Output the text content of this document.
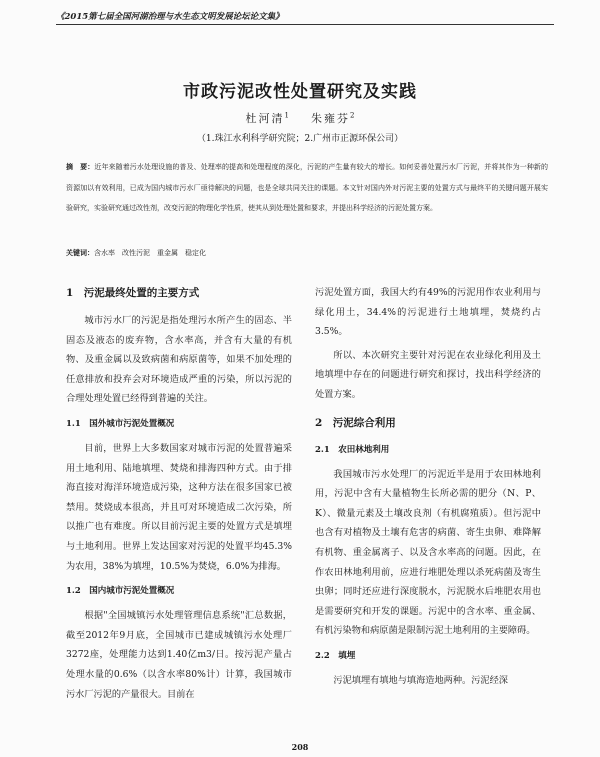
《2015第七届全国河湖治理与水生态文明发展论坛论文集》
市政污泥改性处置研究及实践
杜河清$^1$ 朱雍芬$^2$
（1.珠江水利科学研究院；2.广州市正源环保公司）
摘　要：近年来随着污水处理设施的普及、处理率的提高和处理程度的深化，污泥的产生量有较大的增长。如何妥善处置污水厂污泥，并将其作为一种新的资源加以有效利用，已成为国内城市污水厂亟待解决的问题，也是全球共同关注的课题。本文针对国内外对污泥主要的处置方式与最终平的关键问题开展实验研究，实验研究通过改性剂，改变污泥的物理化学性质，使其从到处理处置和要求，并提出科学经济的污泥处置方案。
关键词：含水率　改性污泥　重金属　稳定化
1　污泥最终处置的主要方式

城市污水厂的污泥是指处理污水所产生的固态、半固态及液态的废弃物，含水率高，并含有大量的有机物、及重金属以及致病菌和病原菌等，如果不加处理的任意排放和投弃会对环境造成严重的污染，所以污泥的合理处理处置已经得到普遍的关注。

1.1　国外城市污泥处置概况

目前，世界上大多数国家对城市污泥的处置普遍采用土地利用、陆地填埋、焚烧和排海四种方式。由于排海直接对海洋环境造成污染，这种方法在很多国家已被禁用。焚烧成本很高，并且可对环境造成二次污染，所以推广也有难度。所以目前污泥主要的处置方式是填埋与土地利用。世界上发达国家对污泥的处置平均45.3%为农用，38%为填埋，10.5%为焚烧，6.0%为排海。

1.2　国内城市污泥处置概况

根据"全国城镇污水处理管理信息系统"汇总数据，截至2012年9月底，全国城市已建成城镇污水处理厂3272座，处理能力达到1.40亿m3/日。按污泥产量占处理水量的0.6%（以含水率80%计）计算，我国城市污水厂污泥的产量很大。目前在

污泥处置方面，我国大约有49%的污泥用作农业利用与绿化用土，34.4%的污泥进行土地填埋，焚烧约占3.5%。

所以、本次研究主要针对污泥在农业绿化利用及土地填埋中存在的问题进行研究和探讨，找出科学经济的处置方案。

2　污泥综合利用
2.1　农田林地利用

我国城市污水处理厂的污泥近半是用于农田林地利用，污泥中含有大量植物生长所必需的肥分（N、P、K）、微量元素及土壤改良剂（有机腐殖质）。但污泥中也含有对植物及土壤有危害的病菌、寄生虫卵、难降解有机物、重金属离子、以及含水率高的问题。因此，在作农田林地利用前，应进行堆肥处理以杀死病菌及寄生虫卵；同时还应进行深度脱水，污泥脱水后堆肥农用也是需要研究和开发的课题。污泥中的含水率、重金属、有机污染物和病原菌是限制污泥土地利用的主要障碍。

2.2　填埋

污泥填埋有填地与填海造地两种。污泥经深

208
